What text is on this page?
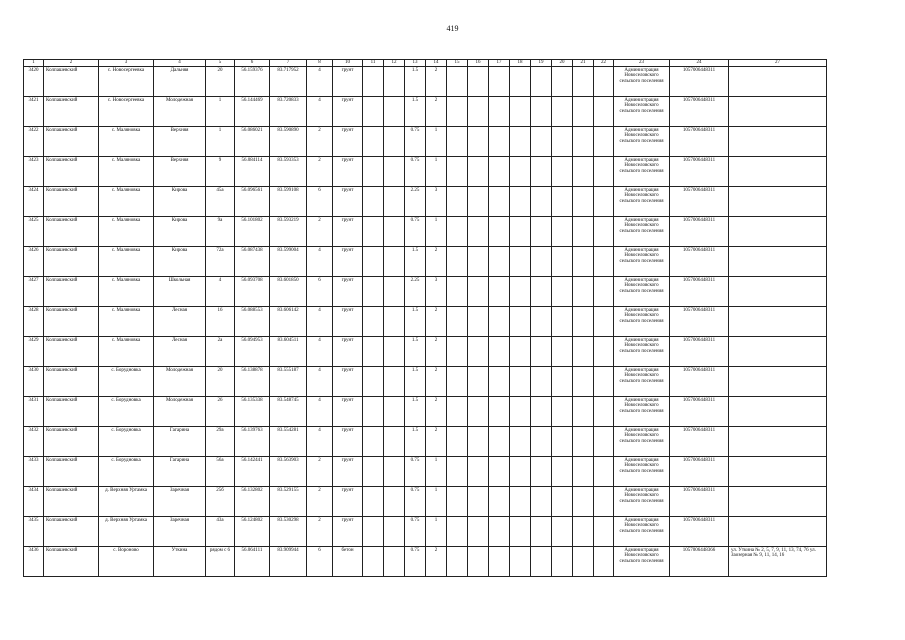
419
1	2	3	4	5	6	7	8	10	11	12	13	14	15	16	17	18	19	20	21	22	23	24	27
3420	Колпашевский	с. Новосергеевка	Дальняя	20	56.159376	83.717952	4	грунт			1.5	2									Администрация Новоселовского сельского поселения	1057006448311	
3421	Колпашевский	с. Новосергеевка	Молодежная	1	56.144469	83.720833	4	грунт			1.5	2									Администрация Новоселовского сельского поселения	1057006448311	
3422	Колпашевский	с. Маляновка	Верхняя	1	56.086021	83.590890	2	грунт			0.75	1									Администрация Новоселовского сельского поселения	1057006448311	
3423	Колпашевский	с. Маляновка	Верхняя	9	56.084114	83.593353	2	грунт			0.75	1									Администрация Новоселовского сельского поселения	1057006448311	
3424	Колпашевский	с. Маляновка	Кирова	45а	56.096561	83.599108	6	грунт			2.25	3									Администрация Новоселовского сельского поселения	1057006448311	
3425	Колпашевский	с. Маляновка	Кирова	9а	56.101802	83.593219	2	грунт			0.75	1									Администрация Новоселовского сельского поселения	1057006448311	
3426	Колпашевский	с. Маляновка	Кирова	72а	56.087438	83.599004	4	грунт			1.5	2									Администрация Новоселовского сельского поселения	1057006448311	
3427	Колпашевский	с. Маляновка	Школьная	4	56.093708	83.601850	6	грунт			2.25	3									Администрация Новоселовского сельского поселения	1057006448311	
3428	Колпашевский	с. Маляновка	Лесная	16	56.088553	83.606142	4	грунт			1.5	2									Администрация Новоселовского сельского поселения	1057006448311	
3429	Колпашевский	с. Маляновка	Лесная	2а	56.094953	83.604511	4	грунт			1.5	2									Администрация Новоселовского сельского поселения	1057006448311	
3430	Колпашевский	с. Борудновка	Молодежная	20	56.138878	83.555187	4	грунт			1.5	2									Администрация Новоселовского сельского поселения	1057006448311	
3431	Колпашевский	с. Борудновка	Молодежная	26	56.135338	83.548745	4	грунт			1.5	2									Администрация Новоселовского сельского поселения	1057006448311	
3432	Колпашевский	с. Борудновка	Гагарина	29а	56.139763	83.554281	4	грунт			1.5	2									Администрация Новоселовского сельского поселения	1057006448311	
3433	Колпашевский	с. Борудновка	Гагарина	56а	56.142441	83.563903	2	грунт			0.75	1									Администрация Новоселовского сельского поселения	1057006448311	
3434	Колпашевский	д. Верхняя Уртамка	Заречная	25б	56.132802	83.529155	2	грунт			0.75	1									Администрация Новоселовского сельского поселения	1057006448311	
3435	Колпашевский	д. Верхняя Уртамка	Заречная	43а	56.124802	83.530298	2	грунт			0.75	1									Администрация Новоселовского сельского поселения	1057006448311	
3436	Колпашевский	с. Вороново	Уткина	рядом с 6	56.064111	83.909944	6	бетон			0.75	2									Администрация Новоселовского сельского поселения	1057006448366	ул. Уткина № 2, 5, 7, 9, 11, 13, 74, 76 ул. Заозерная № 9, 11, 14, 16
